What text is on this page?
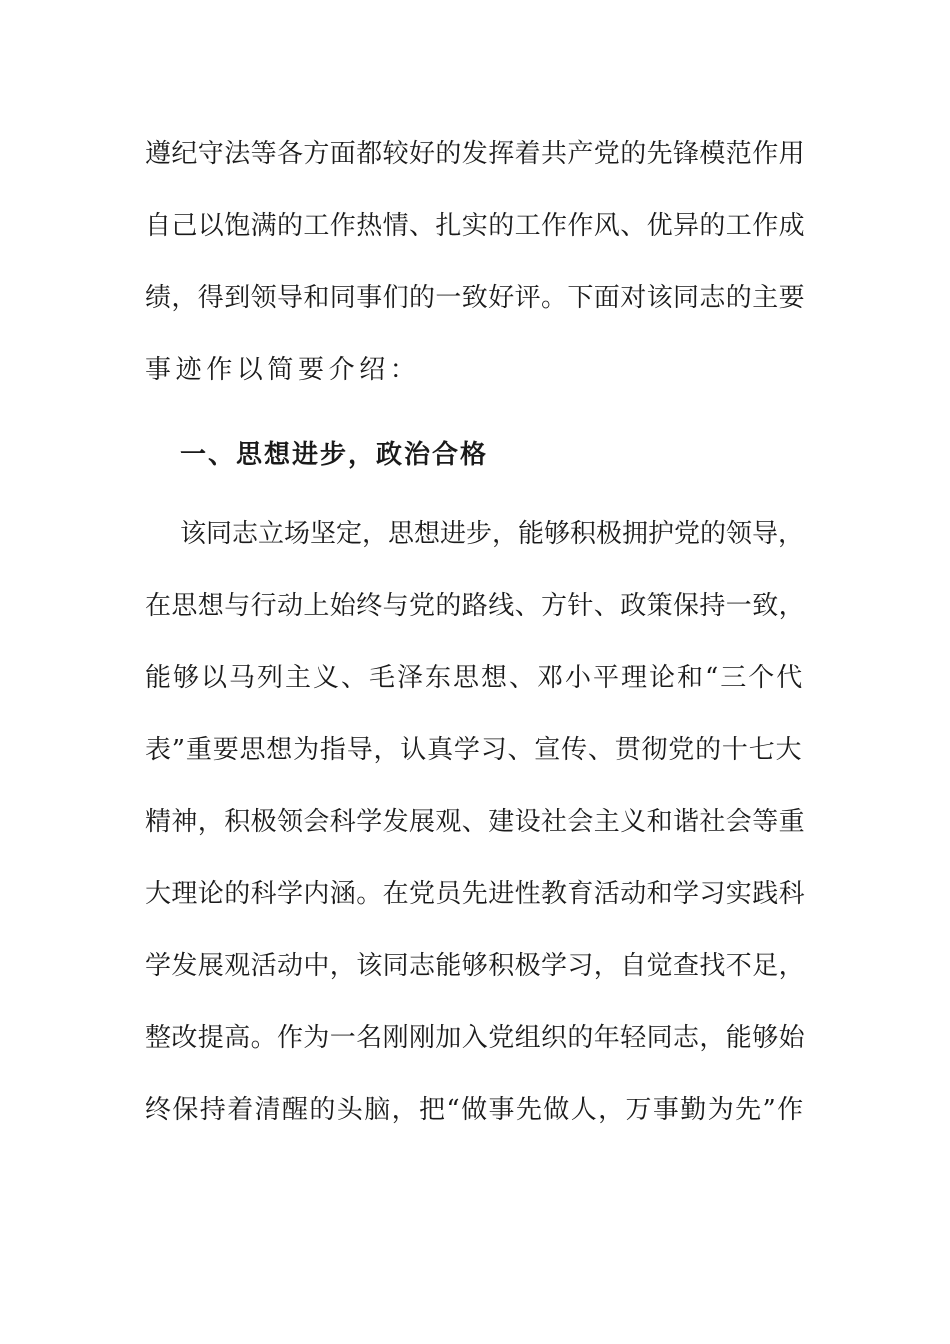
遵纪守法等各方面都较好的发挥着共产党的先锋模范作用
自己以饱满的工作热情、扎实的工作作风、优异的工作成
绩，得到领导和同事们的一致好评。下面对该同志的主要
事迹作以简要介绍：
一、思想进步，政治合格
该同志立场坚定，思想进步，能够积极拥护党的领导，
在思想与行动上始终与党的路线、方针、政策保持一致，
能够以马列主义、毛泽东思想、邓小平理论和“三个代
表”重要思想为指导，认真学习、宣传、贯彻党的十七大
精神，积极领会科学发展观、建设社会主义和谐社会等重
大理论的科学内涵。在党员先进性教育活动和学习实践科
学发展观活动中，该同志能够积极学习，自觉查找不足，
整改提高。作为一名刚刚加入党组织的年轻同志，能够始
终保持着清醒的头脑，把“做事先做人，万事勤为先”作
